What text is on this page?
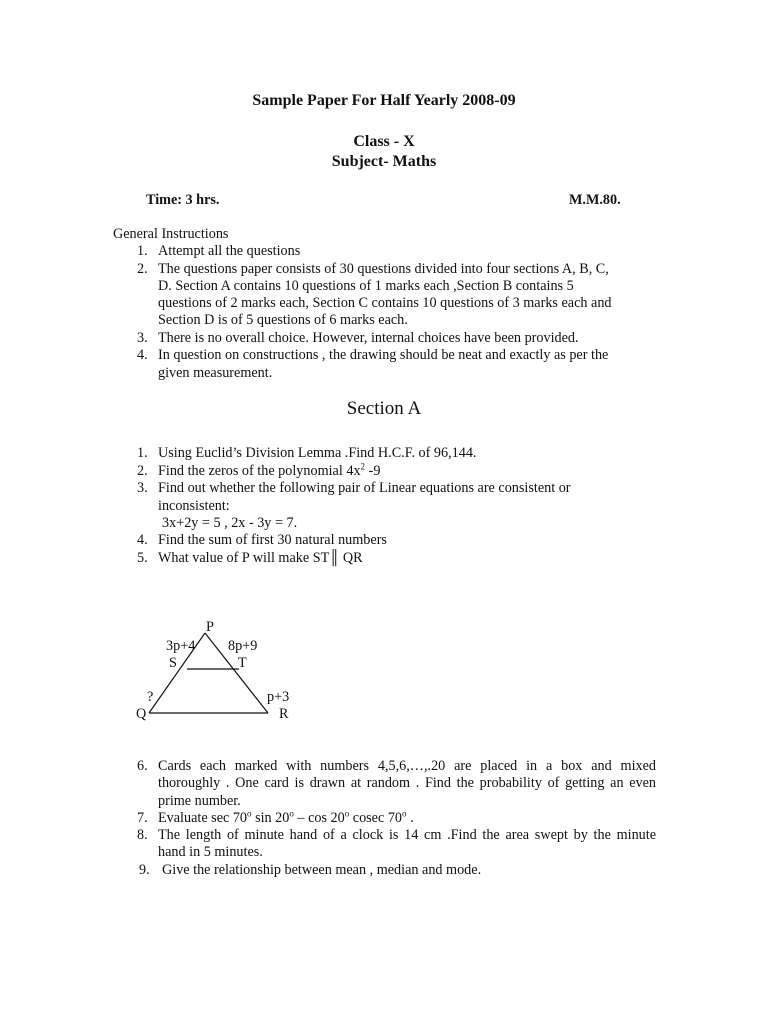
Sample Paper For Half Yearly 2008-09
Class - X
Subject- Maths
Time: 3 hrs.	M.M.80.
General Instructions
1. Attempt all the questions
2. The questions paper consists of 30 questions divided into four sections A, B, C,
D. Section A contains 10 questions of 1 marks each ,Section B contains 5
questions of 2 marks each, Section C contains 10 questions of 3 marks each and
Section D is of 5 questions of 6 marks each.
3. There is no overall choice. However, internal choices have been provided.
4. In question on constructions , the drawing should be neat and exactly as per the
given measurement.
Section A
1. Using Euclid’s Division Lemma .Find H.C.F. of 96,144.
2. Find the zeros of the polynomial $4x^2$ -9
3. Find out whether the following pair of Linear equations are consistent or
inconsistent:
3x+2y = 5 , 2x - 3y = 7.
4. Find the sum of first 30 natural numbers
5. What value of P will make ST║ QR
P
3p+4 8p+9
S	T
?	p+3
Q	R
6. Cards each marked with numbers 4,5,6,…,.20 are placed in a box and mixed
thoroughly . One card is drawn at random . Find the probability of getting an even
prime number.
7. Evaluate sec 70$^o$ sin 20$^o$ – cos 20$^o$ cosec 70$^o$ .
8. The length of minute hand of a clock is 14 cm .Find the area swept by the minute
hand in 5 minutes.
9. Give the relationship between mean , median and mode.
